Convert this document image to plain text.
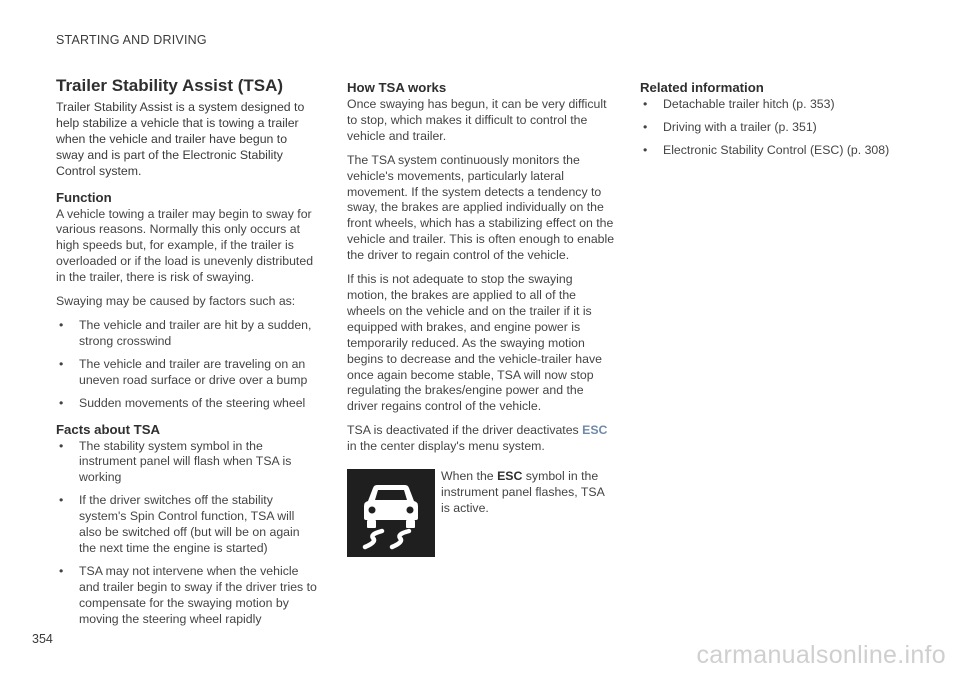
STARTING AND DRIVING
Trailer Stability Assist (TSA)

Trailer Stability Assist is a system designed to help stabilize a vehicle that is towing a trailer when the vehicle and trailer have begun to sway and is part of the Electronic Stability Control system.

Function

A vehicle towing a trailer may begin to sway for various reasons. Normally this only occurs at high speeds but, for example, if the trailer is overloaded or if the load is unevenly distributed in the trailer, there is risk of swaying.

Swaying may be caused by factors such as:

• The vehicle and trailer are hit by a sudden, strong crosswind
• The vehicle and trailer are traveling on an uneven road surface or drive over a bump
• Sudden movements of the steering wheel
Facts about TSA
• The stability system symbol in the instrument panel will flash when TSA is working
• If the driver switches off the stability system's Spin Control function, TSA will also be switched off (but will be on again the next time the engine is started)
• TSA may not intervene when the vehicle and trailer begin to sway if the driver tries to compensate for the swaying motion by moving the steering wheel rapidly
How TSA works

Once swaying has begun, it can be very difficult to stop, which makes it difficult to control the vehicle and trailer.

The TSA system continuously monitors the vehicle's movements, particularly lateral movement. If the system detects a tendency to sway, the brakes are applied individually on the front wheels, which has a stabilizing effect on the vehicle and trailer. This is often enough to enable the driver to regain control of the vehicle.

If this is not adequate to stop the swaying motion, the brakes are applied to all of the wheels on the vehicle and on the trailer if it is equipped with brakes, and engine power is temporarily reduced. As the swaying motion begins to decrease and the vehicle-trailer have once again become stable, TSA will now stop regulating the brakes/engine power and the driver regains control of the vehicle.

TSA is deactivated if the driver deactivates ESC in the center display's menu system.

When the ESC symbol in the instrument panel flashes, TSA is active.
Related information
• Detachable trailer hitch (p. 353)
• Driving with a trailer (p. 351)
• Electronic Stability Control (ESC) (p. 308)
354
carmanualsonline.info
